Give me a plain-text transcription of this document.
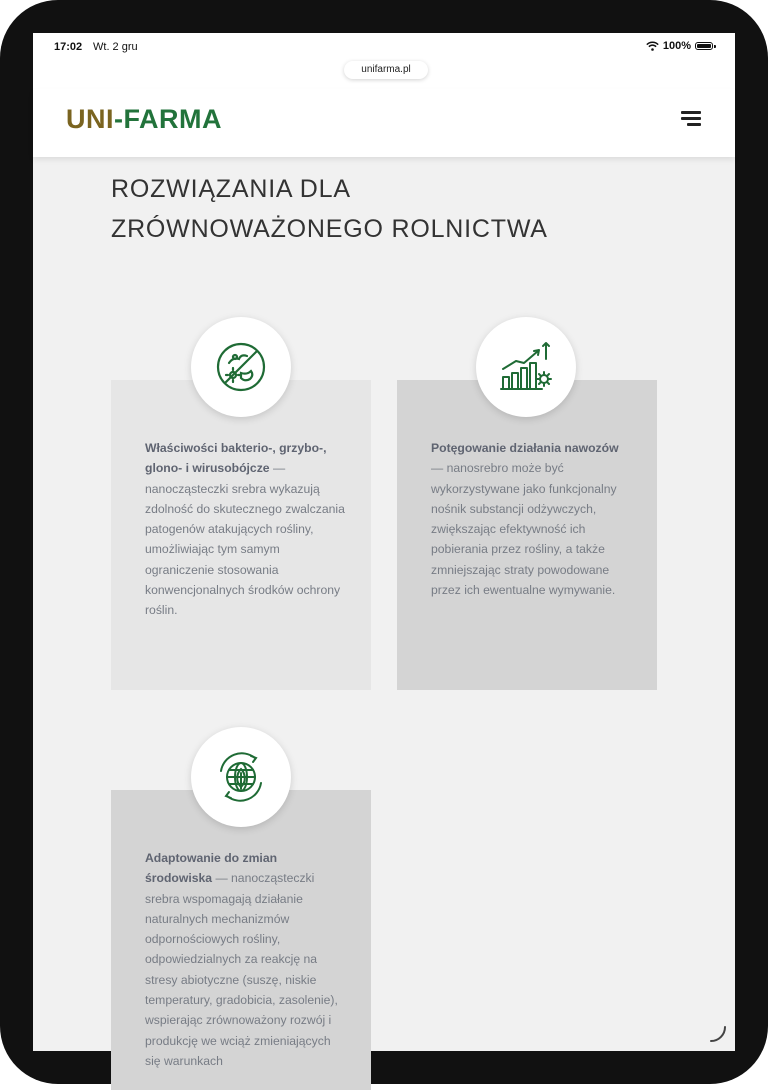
17:02 Wt. 2 gru	100%
unifarma.pl
UNI-FARMA
ROZWIĄZANIA DLA
ZRÓWNOWAŻONEGO ROLNICTWA
Właściwości bakterio-, grzybo-, glono- i wirusobójcze — nanocząsteczki srebra wykazują zdolność do skutecznego zwalczania patogenów atakujących rośliny, umożliwiając tym samym ograniczenie stosowania konwencjonalnych środków ochrony roślin.
Potęgowanie działania nawozów — nanosrebro może być wykorzystywane jako funkcjonalny nośnik substancji odżywczych, zwiększając efektywność ich pobierania przez rośliny, a także zmniejszając straty powodowane przez ich ewentualne wymywanie.
Adaptowanie do zmian środowiska — nanocząsteczki srebra wspomagają działanie naturalnych mechanizmów odpornościowych rośliny, odpowiedzialnych za reakcję na stresy abiotyczne (suszę, niskie temperatury, gradobicia, zasolenie), wspierając zrównoważony rozwój i produkcję we wciąż zmieniających się warunkach
